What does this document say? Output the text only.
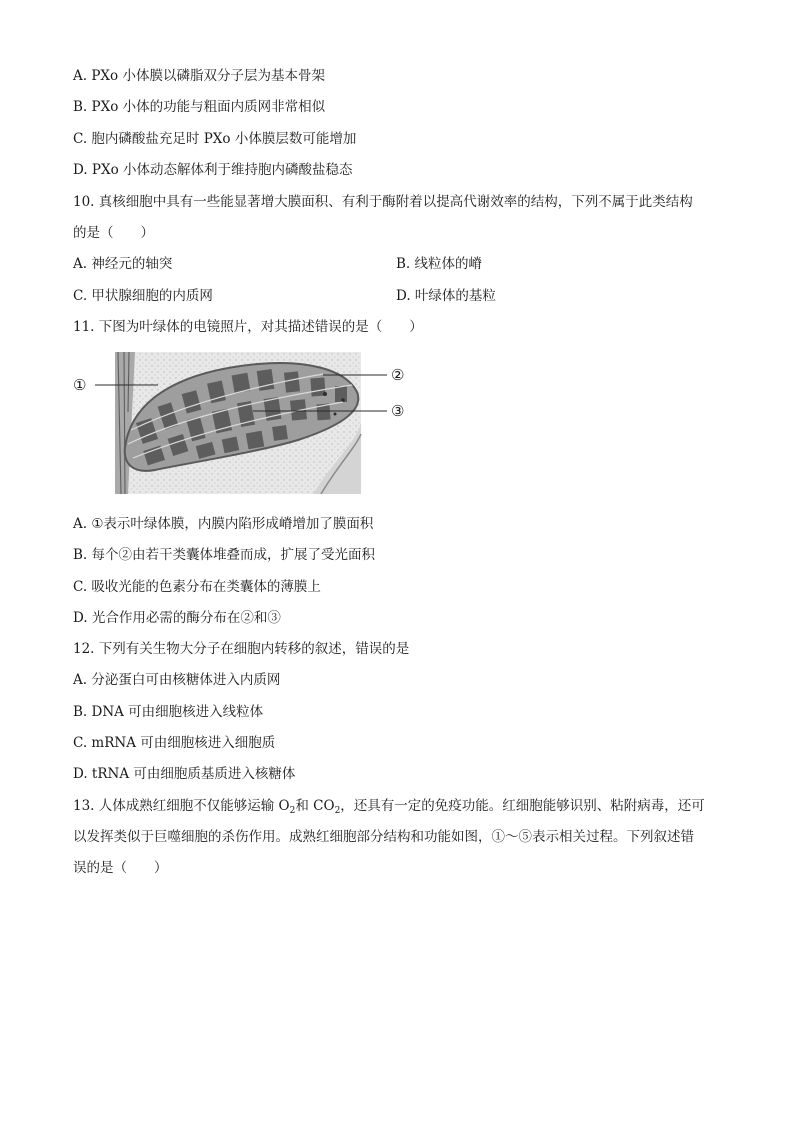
A. PXo 小体膜以磷脂双分子层为基本骨架
B. PXo 小体的功能与粗面内质网非常相似
C. 胞内磷酸盐充足时 PXo 小体膜层数可能增加
D. PXo 小体动态解体利于维持胞内磷酸盐稳态
10. 真核细胞中具有一些能显著增大膜面积、有利于酶附着以提高代谢效率的结构，下列不属于此类结构
的是（　　）
A. 神经元的轴突	B. 线粒体的嵴
C. 甲状腺细胞的内质网	D. 叶绿体的基粒
11. 下图为叶绿体的电镜照片，对其描述错误的是（　　）
①
②
③
A. ①表示叶绿体膜，内膜内陷形成嵴增加了膜面积
B. 每个②由若干类囊体堆叠而成，扩展了受光面积
C. 吸收光能的色素分布在类囊体的薄膜上
D. 光合作用必需的酶分布在②和③
12. 下列有关生物大分子在细胞内转移的叙述，错误的是
A. 分泌蛋白可由核糖体进入内质网
B. DNA 可由细胞核进入线粒体
C. mRNA 可由细胞核进入细胞质
D. tRNA 可由细胞质基质进入核糖体
13. 人体成熟红细胞不仅能够运输 $O_2$和 $CO_2$，还具有一定的免疫功能。红细胞能够识别、粘附病毒，还可
以发挥类似于巨噬细胞的杀伤作用。成熟红细胞部分结构和功能如图，①～⑤表示相关过程。下列叙述错
误的是（　　）
